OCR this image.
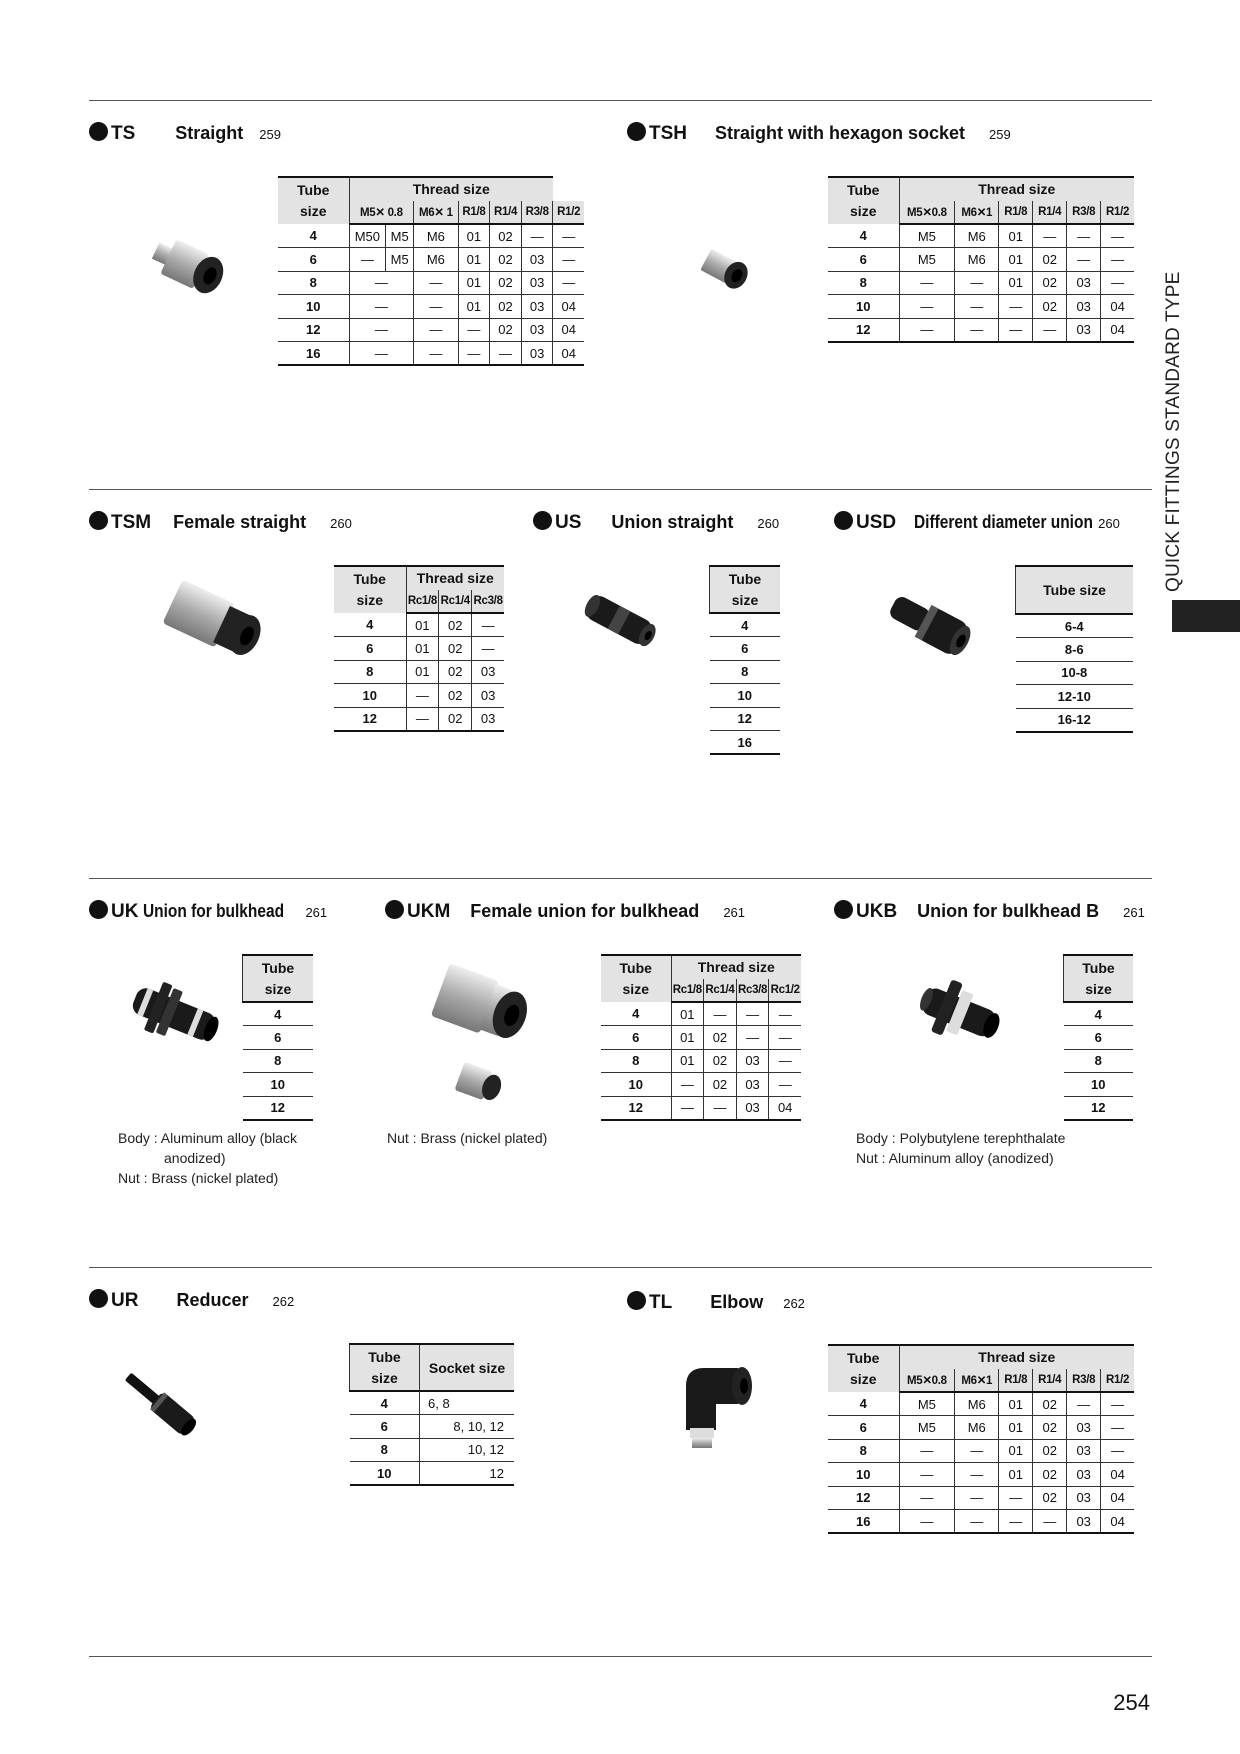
QUICK FITTINGS STANDARD TYPE
254
TS Straight 259
Tube
size	Thread size						
	M5✕ 0.8		M6✕ 1	R1/8	R1/4	R3/8	R1/2
4	M50	M5	M6	01	02	—	—
6	—	M5	M6	01	02	03	—
8	—		—	01	02	03	—
10	—		—	01	02	03	04
12	—		—	—	02	03	04
16	—		—	—	—	03	04
TSH Straight with hexagon socket 259
Tube
size	Thread size					
	M5✕0.8	M6✕1	R1/8	R1/4	R3/8	R1/2
4	M5	M6	01	—	—	—
6	M5	M6	01	02	—	—
8	—	—	01	02	03	—
10	—	—	—	02	03	04
12	—	—	—	—	03	04
TSM Female straight 260
Tube
size	Thread size		
	Rc1/8	Rc1/4	Rc3/8
4	01	02	—
6	01	02	—
8	01	02	03
10	—	02	03
12	—	02	03
US Union straight 260
Tube
size
4
6
8
10
12
16
USD Different diameter union 260
Tube size
6-4
8-6
10-8
12-10
16-12
UK Union for bulkhead 261
Tube
size
4
6
8
10
12
Body : Aluminum alloy (black
anodized)
Nut : Brass (nickel plated)
UKM Female union for bulkhead 261
Tube
size	Thread size			
	Rc1/8	Rc1/4	Rc3/8	Rc1/2
4	01	—	—	—
6	01	02	—	—
8	01	02	03	—
10	—	02	03	—
12	—	—	03	04
Nut : Brass (nickel plated)
UKB Union for bulkhead B 261
Tube
size
4
6
8
10
12
Body : Polybutylene terephthalate
Nut : Aluminum alloy (anodized)
UR Reducer 262
Tube
size	Socket size
4	6, 8
6	8, 10, 12
8	10, 12
10	12
TL Elbow 262
Tube
size	Thread size					
	M5✕0.8	M6✕1	R1/8	R1/4	R3/8	R1/2
4	M5	M6	01	02	—	—
6	M5	M6	01	02	03	—
8	—	—	01	02	03	—
10	—	—	01	02	03	04
12	—	—	—	02	03	04
16	—	—	—	—	03	04
